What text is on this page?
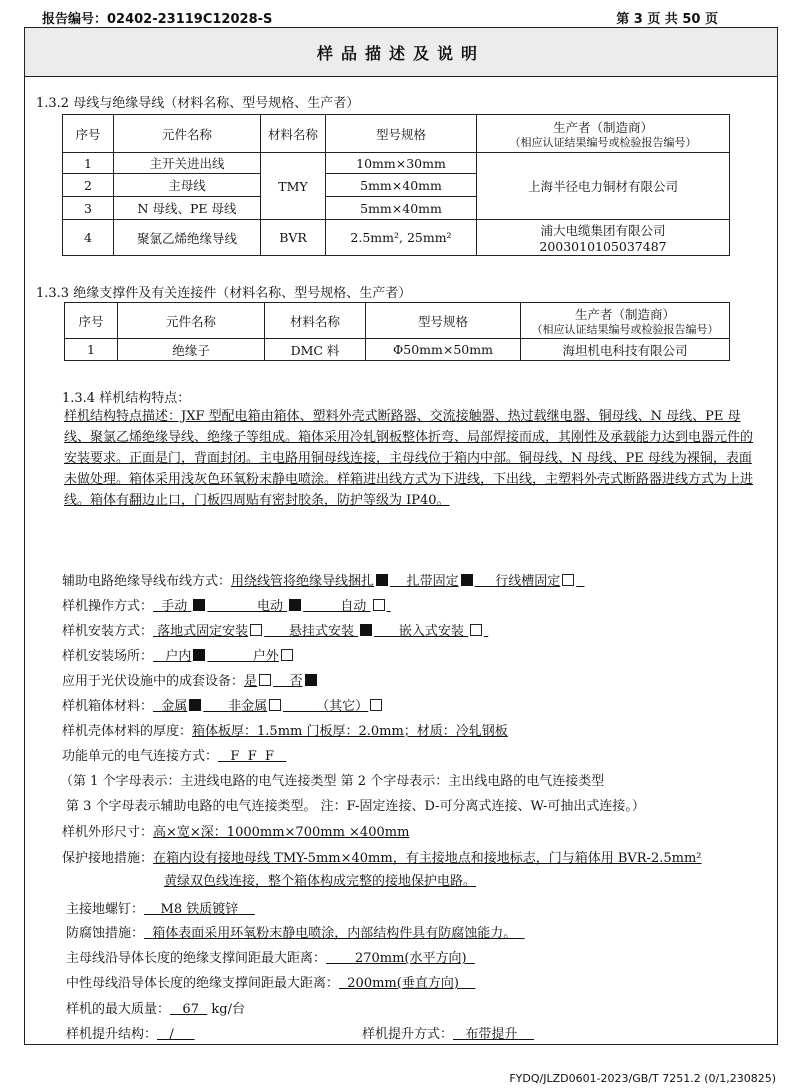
报告编号：02402-23119C12028-S	第 3 页 共 50 页
样品描述及说明
1.3.2 母线与绝缘导线（材料名称、型号规格、生产者）
序号	元件名称	材料名称	型号规格	生产者（制造商）
（相应认证结果编号或检验报告编号）

1	主开关进出线	TMY	10mm×30mm	上海半径电力铜材有限公司
2	主母线		5mm×40mm	
3	N 母线、PE 母线		5mm×40mm	
4	聚氯乙烯绝缘导线	BVR	2.5mm², 25mm²	浦大电缆集团有限公司
2003010105037487
1.3.3 绝缘支撑件及有关连接件（材料名称、型号规格、生产者）
序号	元件名称	材料名称	型号规格	生产者（制造商）
（相应认证结果编号或检验报告编号）

1	绝缘子	DMC 料	Φ50mm×50mm	海坦机电科技有限公司
1.3.4 样机结构特点：
样机结构特点描述：JXF 型配电箱由箱体、塑料外壳式断路器、交流接触器、热过载继电器、铜母线、N 母线、PE 母线、聚氯乙烯绝缘导线、绝缘子等组成。箱体采用冷轧钢板整体折弯、局部焊接而成，其刚性及承载能力达到电器元件的安装要求。正面是门，背面封闭。主电路用铜母线连接，主母线位于箱内中部。铜母线、N 母线、PE 母线为裸铜，表面未做处理。箱体采用浅灰色环氧粉末静电喷涂。样箱进出线方式为下进线，下出线，主塑料外壳式断路器进线方式为上进线。箱体有翻边止口，门板四周贴有密封胶条，防护等级为 IP40。
辅助电路绝缘导线布线方式：用绕线管将绝缘导线捆扎	扎带固定	行线槽固定
样机操作方式： 手动	电动	自动
样机安装方式： 落地式固定安装	悬挂式安装	嵌入式安装
样机安装场所： 户内	户外
应用于光伏设施中的成套设备：是	否
样机箱体材料： 金属	非金属	（其它）
样机壳体材料的厚度：箱体板厚：1.5mm 门板厚：2.0mm；材质：冷轧钢板
功能单元的电气连接方式： F  F  F
（第 1 个字母表示：主进线电路的电气连接类型 第 2 个字母表示：主出线电路的电气连接类型
第 3 个字母表示辅助电路的电气连接类型。 注：F-固定连接、D-可分离式连接、W-可抽出式连接。）
样机外形尺寸：高×宽×深：1000mm×700mm ×400mm
保护接地措施：在箱内设有接地母线 TMY-5mm×40mm，有主接地点和接地标志，门与箱体用 BVR-2.5mm²
黄绿双色线连接，整个箱体构成完整的接地保护电路。
主接地螺钉： M8 铁质镀锌
防腐蚀措施： 箱体表面采用环氧粉末静电喷涂，内部结构件具有防腐蚀能力。
主母线沿导体长度的绝缘支撑间距最大距离： 270mm(水平方向)
中性母线沿导体长度的绝缘支撑间距最大距离： 200mm(垂直方向)
样机的最大质量： 67 kg/台
样机提升结构： /	样机提升方式： 布带提升
FYDQ/JLZD0601-2023/GB/T 7251.2 (0/1,230825)
